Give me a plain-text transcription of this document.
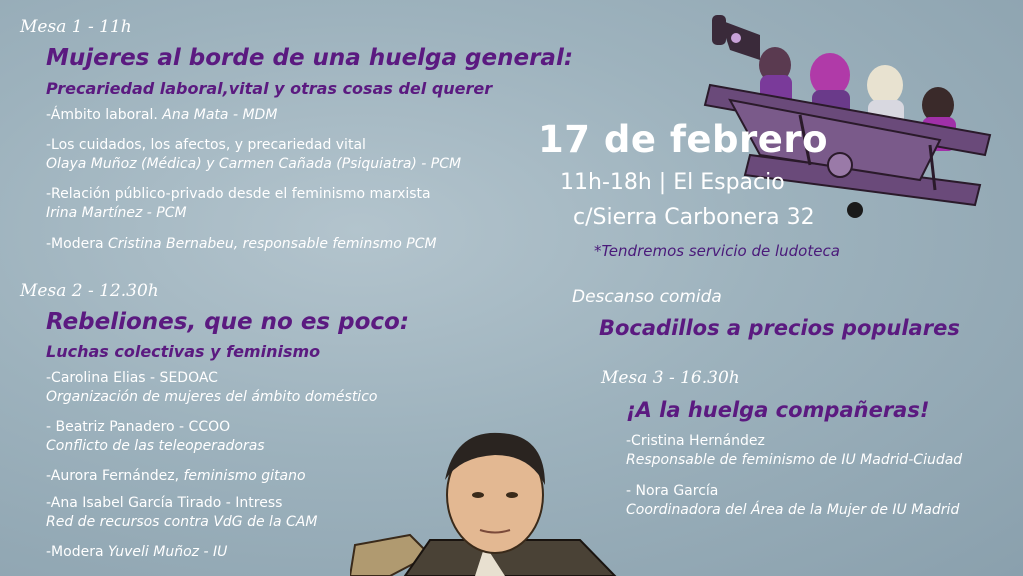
Mesa 1 - 11h
Mujeres al borde de una huelga general:
Precariedad laboral,vital y otras cosas del querer
-Ámbito laboral. Ana Mata - MDM
-Los cuidados, los afectos, y precariedad vital
Olaya Muñoz (Médica) y Carmen Cañada (Psiquiatra) - PCM
-Relación público-privado desde el feminismo marxista
Irina Martínez - PCM
-Modera Cristina Bernabeu, responsable feminsmo PCM
Mesa 2 - 12.30h
Rebeliones, que no es poco:
Luchas colectivas y feminismo
-Carolina Elias - SEDOAC
Organización de mujeres del ámbito doméstico
- Beatriz Panadero - CCOO
Conflicto de las teleoperadoras
-Aurora Fernández, feminismo gitano
-Ana Isabel García Tirado - Intress
Red de recursos contra VdG de la CAM
-Modera Yuveli Muñoz - IU
17 de febrero
11h-18h | El Espacio
c/Sierra Carbonera 32
*Tendremos servicio de ludoteca
Descanso comida
Bocadillos a precios populares
Mesa 3 - 16.30h
¡A la huelga compañeras!
-Cristina Hernández
Responsable de feminismo de IU Madrid-Ciudad
- Nora García
Coordinadora del Área de la Mujer de IU Madrid
